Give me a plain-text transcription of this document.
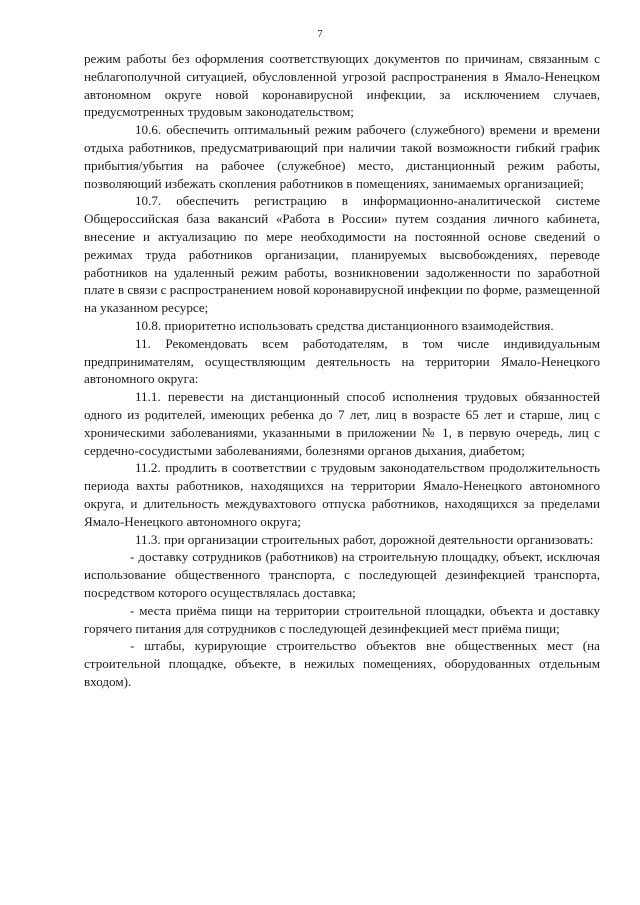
7

режим работы без оформления соответствующих документов по причинам, связанным с неблагополучной ситуацией, обусловленной угрозой распространения в Ямало-Ненецком автономном округе новой коронавирусной инфекции, за исключением случаев, предусмотренных трудовым законодательством;

10.6. обеспечить оптимальный режим рабочего (служебного) времени и времени отдыха работников, предусматривающий при наличии такой возможности гибкий график прибытия/убытия на рабочее (служебное) место, дистанционный режим работы, позволяющий избежать скопления работников в помещениях, занимаемых организацией;

10.7. обеспечить регистрацию в информационно-аналитической системе Общероссийская база вакансий «Работа в России» путем создания личного кабинета, внесение и актуализацию по мере необходимости на постоянной основе сведений о режимах труда работников организации, планируемых высвобождениях, переводе работников на удаленный режим работы, возникновении задолженности по заработной плате в связи с распространением новой коронавирусной инфекции по форме, размещенной на указанном ресурсе;

10.8. приоритетно использовать средства дистанционного взаимодействия.

11. Рекомендовать всем работодателям, в том числе индивидуальным предпринимателям, осуществляющим деятельность на территории Ямало-Ненецкого автономного округа:

11.1. перевести на дистанционный способ исполнения трудовых обязанностей одного из родителей, имеющих ребенка до 7 лет, лиц в возрасте 65 лет и старше, лиц с хроническими заболеваниями, указанными в приложении № 1, в первую очередь, лиц с сердечно-сосудистыми заболеваниями, болезнями органов дыхания, диабетом;

11.2. продлить в соответствии с трудовым законодательством продолжительность периода вахты работников, находящихся на территории Ямало-Ненецкого автономного округа, и длительность междувахтового отпуска работников, находящихся за пределами Ямало-Ненецкого автономного округа;

11.3. при организации строительных работ, дорожной деятельности организовать:

- доставку сотрудников (работников) на строительную площадку, объект, исключая использование общественного транспорта, с последующей дезинфекцией транспорта, посредством которого осуществлялась доставка;

- места приёма пищи на территории строительной площадки, объекта и доставку горячего питания для сотрудников с последующей дезинфекцией мест приёма пищи;

- штабы, курирующие строительство объектов вне общественных мест (на строительной площадке, объекте, в нежилых помещениях, оборудованных отдельным входом).
